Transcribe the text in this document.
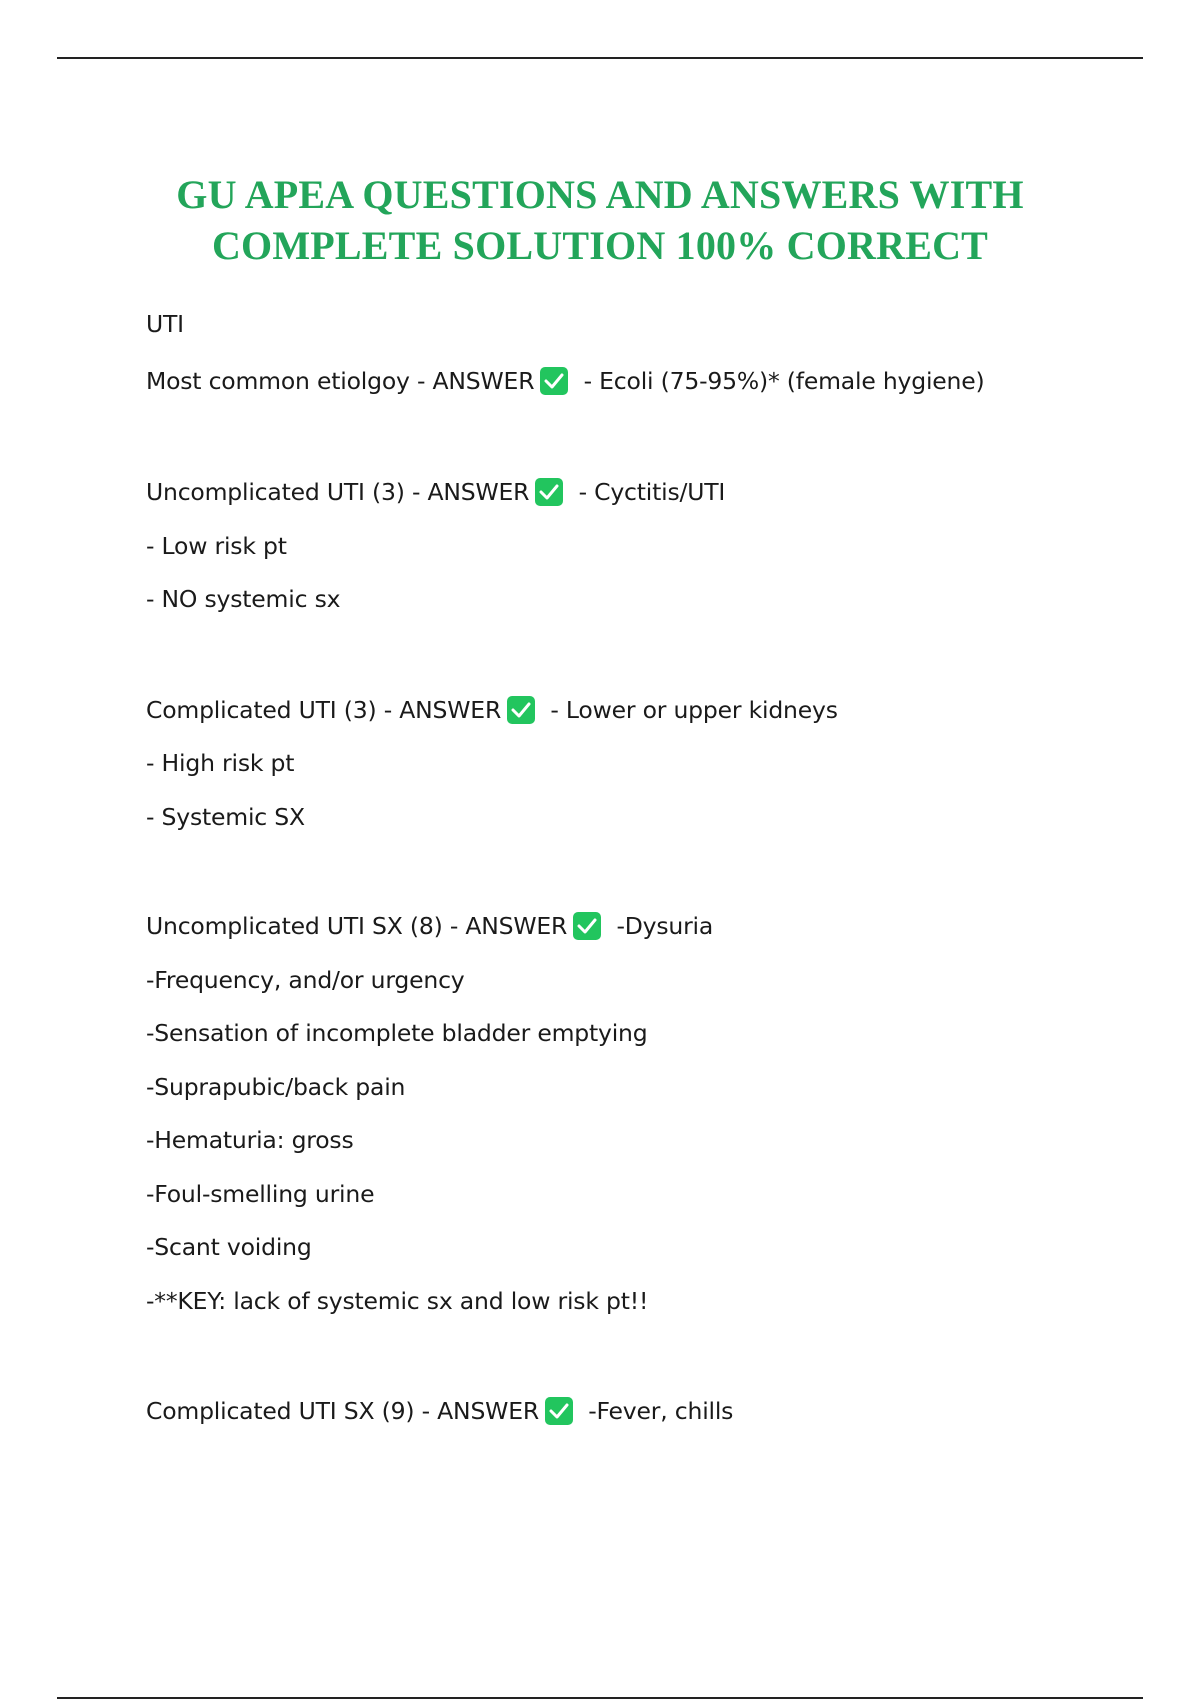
GU APEA QUESTIONS AND ANSWERS WITH
COMPLETE SOLUTION 100% CORRECT
UTI
Most common etiolgoy - ANSWER
- Ecoli (75-95%)* (female hygiene)
Uncomplicated UTI (3) - ANSWER
- Cyctitis/UTI
- Low risk pt
- NO systemic sx
Complicated UTI (3) - ANSWER
- Lower or upper kidneys
- High risk pt
- Systemic SX
Uncomplicated UTI SX (8) - ANSWER
-Dysuria
-Frequency, and/or urgency
-Sensation of incomplete bladder emptying
-Suprapubic/back pain
-Hematuria: gross
-Foul-smelling urine
-Scant voiding
-**KEY: lack of systemic sx and low risk pt!!
Complicated UTI SX (9) - ANSWER
-Fever, chills
